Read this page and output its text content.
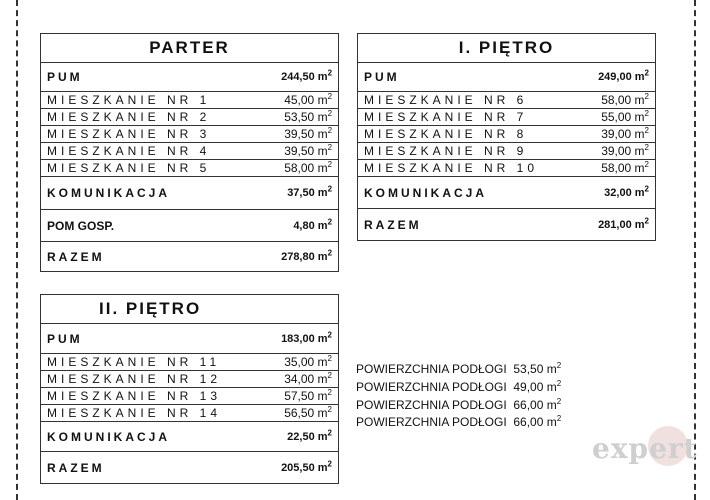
PARTER	
PUM	244,50 $m^2$
MIESZKANIE NR 1	45,00 $m^2$
MIESZKANIE NR 2	53,50 $m^2$
MIESZKANIE NR 3	39,50 $m^2$
MIESZKANIE NR 4	39,50 $m^2$
MIESZKANIE NR 5	58,00 $m^2$
KOMUNIKACJA	37,50 $m^2$
POM GOSP.	4,80 $m^2$
RAZEM	278,80 $m^2$
I. PIĘTRO	
PUM	249,00 $m^2$
MIESZKANIE NR 6	58,00 $m^2$
MIESZKANIE NR 7	55,00 $m^2$
MIESZKANIE NR 8	39,00 $m^2$
MIESZKANIE NR 9	39,00 $m^2$
MIESZKANIE NR 10	58,00 $m^2$
KOMUNIKACJA	32,00 $m^2$
RAZEM	281,00 $m^2$
II. PIĘTRO	
PUM	183,00 $m^2$
MIESZKANIE NR 11	35,00 $m^2$
MIESZKANIE NR 12	34,00 $m^2$
MIESZKANIE NR 13	57,50 $m^2$
MIESZKANIE NR 14	56,50 $m^2$
KOMUNIKACJA	22,50 $m^2$
RAZEM	205,50 $m^2$
POWIERZCHNIA PODŁOGI 53,50 $m^2$
POWIERZCHNIA PODŁOGI 49,00 $m^2$
POWIERZCHNIA PODŁOGI 66,00 $m^2$
POWIERZCHNIA PODŁOGI 66,00 $m^2$
expert
